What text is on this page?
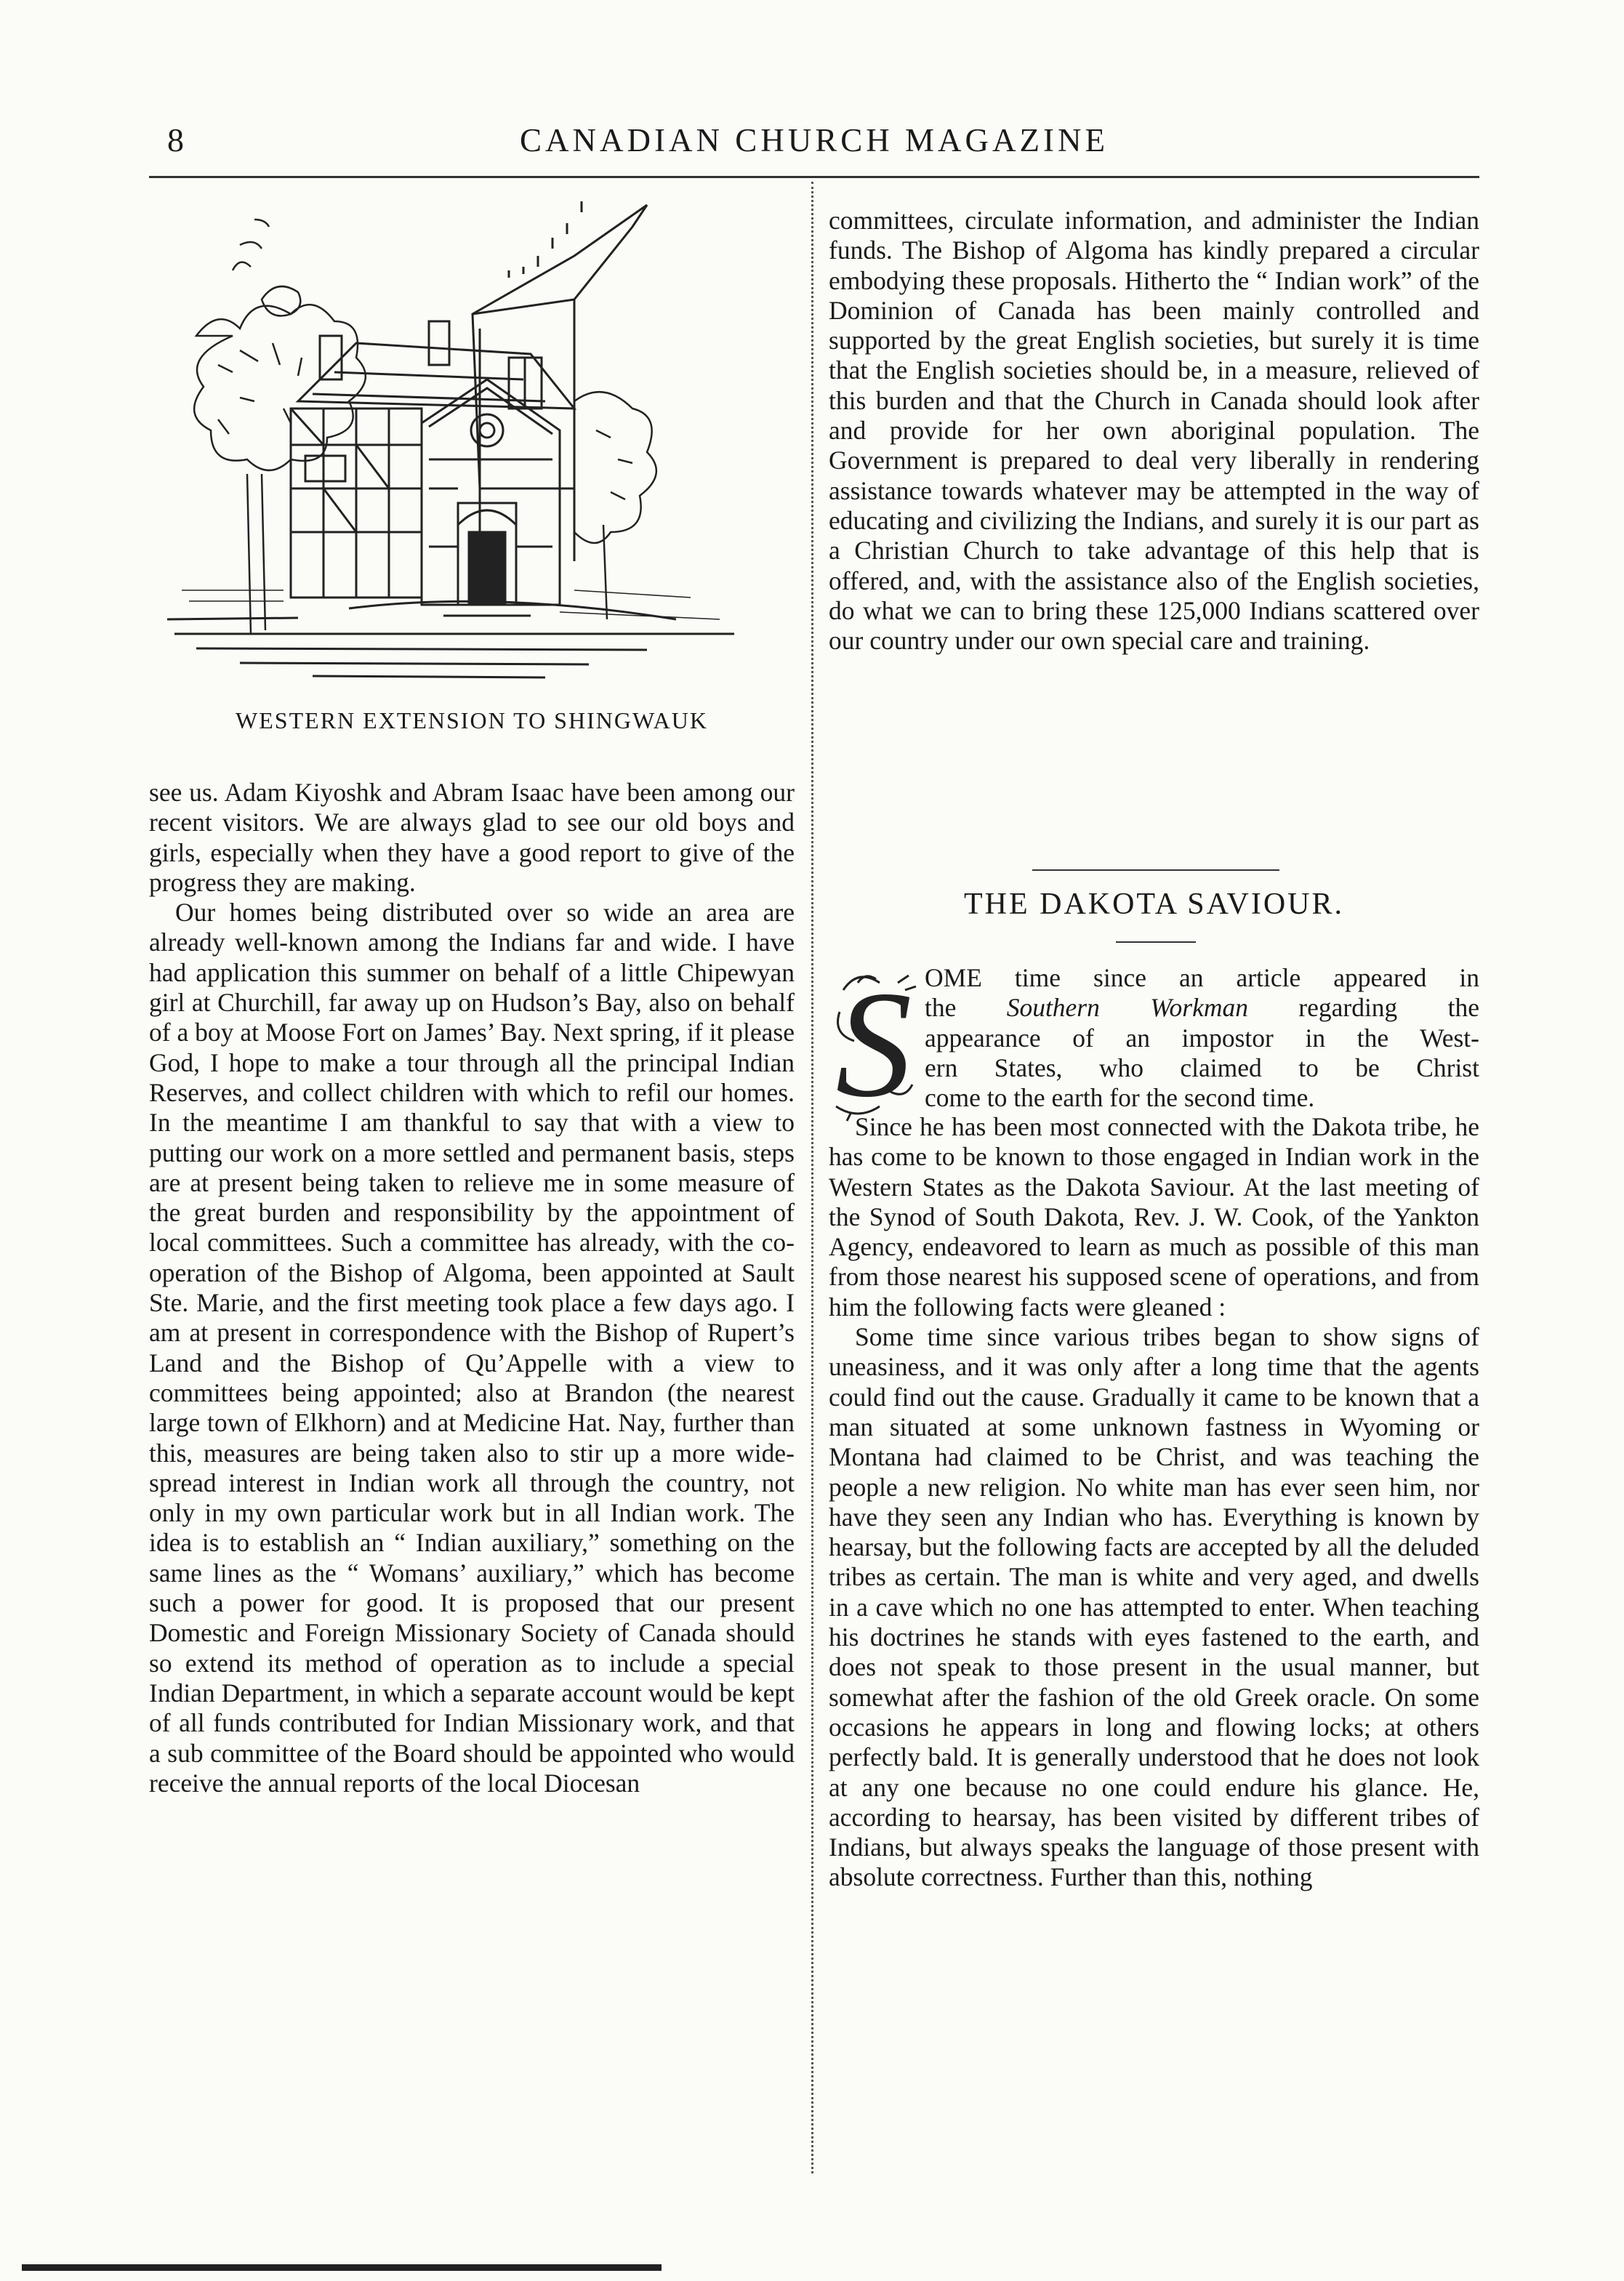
8	CANADIAN CHURCH MAGAZINE
WESTERN EXTENSION TO SHINGWAUK

see us. Adam Kiyoshk and Abram Isaac have been among our recent visitors. We are always glad to see our old boys and girls, especially when they have a good report to give of the progress they are making.

Our homes being distributed over so wide an area are already well-known among the Indians far and wide. I have had application this summer on behalf of a little Chipewyan girl at Churchill, far away up on Hudson’s Bay, also on behalf of a boy at Moose Fort on James’ Bay. Next spring, if it please God, I hope to make a tour through all the principal Indian Reserves, and collect children with which to refil our homes. In the meantime I am thankful to say that with a view to putting our work on a more settled and permanent basis, steps are at present being taken to relieve me in some measure of the great burden and responsibility by the appointment of local committees. Such a committee has already, with the co-operation of the Bishop of Algoma, been appointed at Sault Ste. Marie, and the first meeting took place a few days ago. I am at present in correspondence with the Bishop of Rupert’s Land and the Bishop of Qu’Appelle with a view to committees being appointed; also at Brandon (the nearest large town of Elkhorn) and at Medicine Hat. Nay, further than this, measures are being taken also to stir up a more wide-spread interest in Indian work all through the country, not only in my own particular work but in all Indian work. The idea is to establish an “ Indian auxiliary,” something on the same lines as the “ Womans’ auxiliary,” which has become such a power for good. It is proposed that our present Domestic and Foreign Missionary Society of Canada should so extend its method of operation as to include a special Indian Department, in which a separate account would be kept of all funds contributed for Indian Missionary work, and that a sub committee of the Board should be appointed who would receive the annual reports of the local Diocesan

committees, circulate information, and administer the Indian funds. The Bishop of Algoma has kindly prepared a circular embodying these proposals. Hitherto the “ Indian work” of the Dominion of Canada has been mainly controlled and supported by the great English societies, but surely it is time that the English societies should be, in a measure, relieved of this burden and that the Church in Canada should look after and provide for her own aboriginal population. The Government is prepared to deal very liberally in rendering assistance towards whatever may be attempted in the way of educating and civilizing the Indians, and surely it is our part as a Christian Church to take advantage of this help that is offered, and, with the assistance also of the English societies, do what we can to bring these 125,000 Indians scattered over our country under our own special care and training.

THE DAKOTA SAVIOUR.
S OME time since an article appeared in
the Southern Workman regarding the
appearance of an impostor in the West-
ern States, who claimed to be Christ
come to the earth for the second time.

Since he has been most connected with the Dakota tribe, he has come to be known to those engaged in Indian work in the Western States as the Dakota Saviour. At the last meeting of the Synod of South Dakota, Rev. J. W. Cook, of the Yankton Agency, endeavored to learn as much as possible of this man from those nearest his supposed scene of operations, and from him the following facts were gleaned :

Some time since various tribes began to show signs of uneasiness, and it was only after a long time that the agents could find out the cause. Gradually it came to be known that a man situated at some unknown fastness in Wyoming or Montana had claimed to be Christ, and was teaching the people a new religion. No white man has ever seen him, nor have they seen any Indian who has. Everything is known by hearsay, but the following facts are accepted by all the deluded tribes as certain. The man is white and very aged, and dwells in a cave which no one has attempted to enter. When teaching his doctrines he stands with eyes fastened to the earth, and does not speak to those present in the usual manner, but somewhat after the fashion of the old Greek oracle. On some occasions he appears in long and flowing locks; at others perfectly bald. It is generally understood that he does not look at any one because no one could endure his glance. He, according to hearsay, has been visited by different tribes of Indians, but always speaks the language of those present with absolute correctness. Further than this, nothing
